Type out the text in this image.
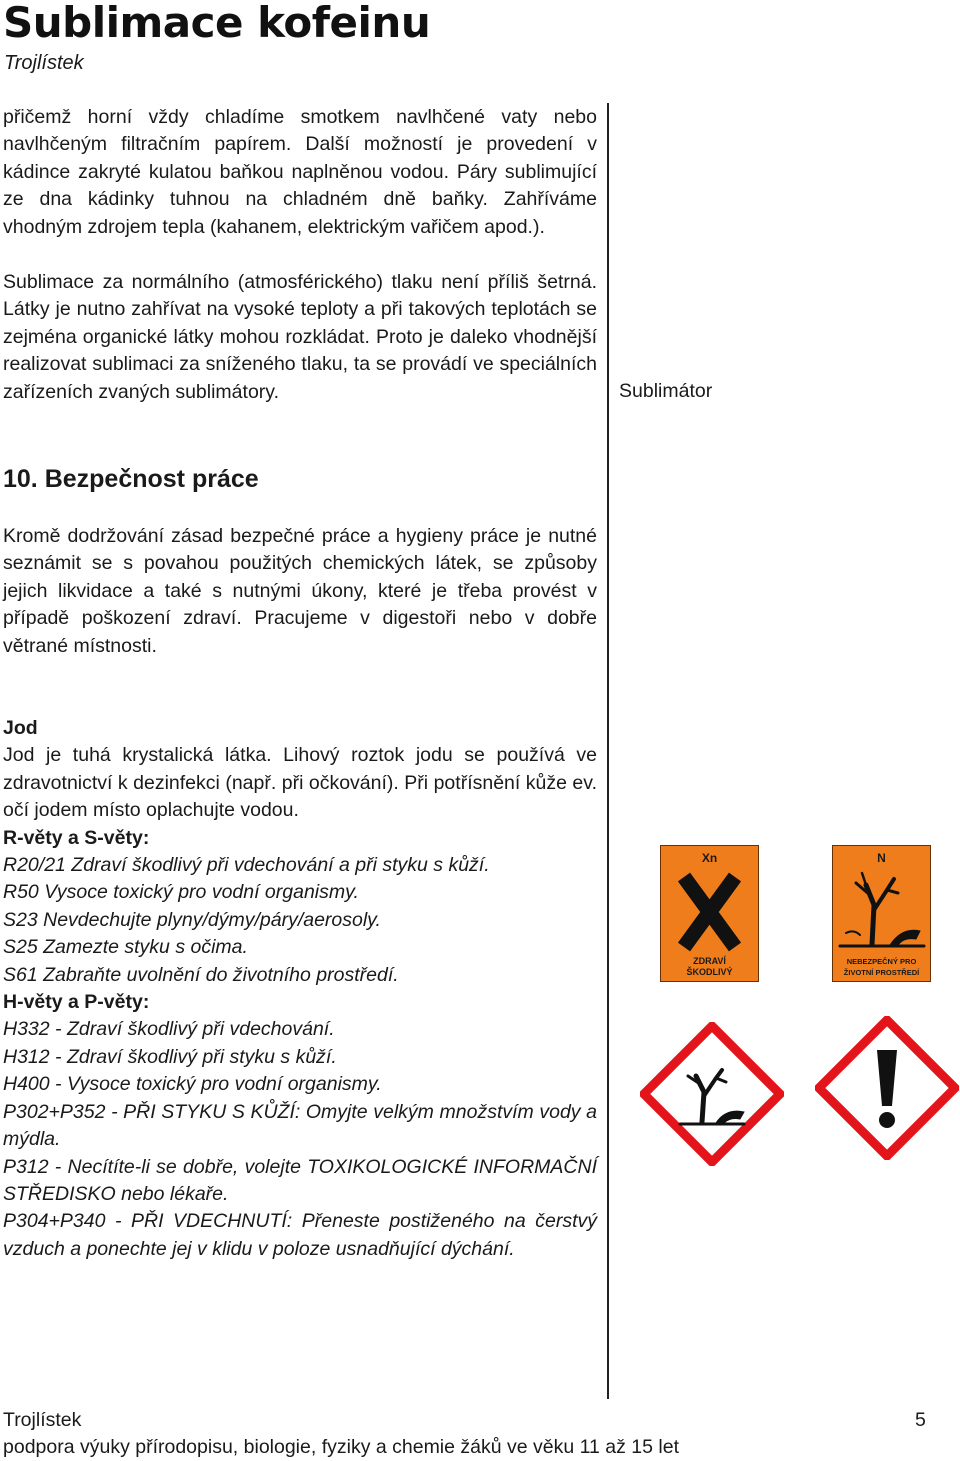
Sublimace kofeinu
Trojlístek
přičemž horní vždy chladíme smotkem navlhčené vaty nebo navlhčeným filtračním papírem. Další možností je provedení v kádince zakryté kulatou baňkou naplněnou vodou. Páry sublimující ze dna kádinky tuhnou na chladném dně baňky. Zahříváme vhodným zdrojem tepla (kahanem, elektrickým vařičem apod.).
Sublimace za normálního (atmosférického) tlaku není příliš šetrná. Látky je nutno zahřívat na vysoké teploty a při takových teplotách se zejména organické látky mohou rozkládat. Proto je daleko vhodnější realizovat sublimaci za sníženého tlaku, ta se provádí ve speciálních zařízeních zvaných sublimátory.	Sublimátor
10. Bezpečnost práce
Kromě dodržování zásad bezpečné práce a hygieny práce je nutné seznámit se s povahou použitých chemických látek, se způsoby jejich likvidace a také s nutnými úkony, které je třeba provést v případě poškození zdraví. Pracujeme v digestoři nebo v dobře větrané místnosti.
Jod
Jod je tuhá krystalická látka. Lihový roztok jodu se používá ve zdravotnictví k dezinfekci (např. při očkování). Při potřísnění kůže ev. očí jodem místo oplachujte vodou.
R-věty a S-věty:
R20/21 Zdraví škodlivý při vdechování a při styku s kůží.
R50 Vysoce toxický pro vodní organismy.
S23 Nevdechujte plyny/dýmy/páry/aerosoly.
S25 Zamezte styku s očima.
S61 Zabraňte uvolnění do životního prostředí.
H-věty a P-věty:
H332 - Zdraví škodlivý při vdechování.
H312 - Zdraví škodlivý při styku s kůží.
H400 - Vysoce toxický pro vodní organismy.
P302+P352 - PŘI STYKU S KŮŽÍ: Omyjte velkým množstvím vody a mýdla.
P312 - Necítíte-li se dobře, volejte TOXIKOLOGICKÉ INFORMAČNÍ STŘEDISKO nebo lékaře.
P304+P340 - PŘI VDECHNUTÍ: Přeneste postiženého na čerstvý vzduch a ponechte jej v klidu v poloze usnadňující dýchání.
Xn
ZDRAVÍ
ŠKODLIVÝ
N
NEBEZPEČNÝ PRO
ŽIVOTNÍ PROSTŘEDÍ
Trojlístek	5
podpora výuky přírodopisu, biologie, fyziky a chemie žáků ve věku 11 až 15 let
